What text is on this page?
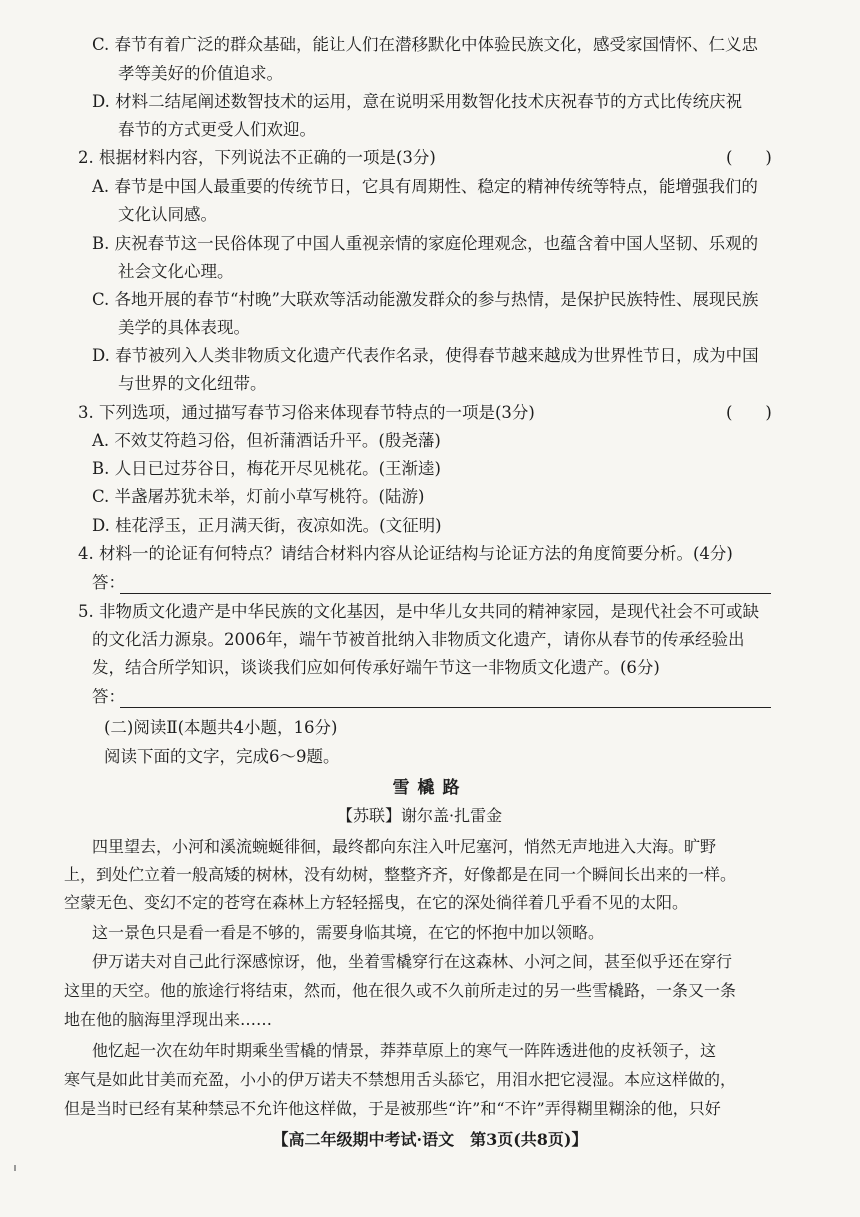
C. 春节有着广泛的群众基础，能让人们在潜移默化中体验民族文化，感受家国情怀、仁义忠
孝等美好的价值追求。
D. 材料二结尾阐述数智技术的运用，意在说明采用数智化技术庆祝春节的方式比传统庆祝
春节的方式更受人们欢迎。
2. 根据材料内容，下列说法不正确的一项是(3分)	(　　)
A. 春节是中国人最重要的传统节日，它具有周期性、稳定的精神传统等特点，能增强我们的
文化认同感。
B. 庆祝春节这一民俗体现了中国人重视亲情的家庭伦理观念，也蕴含着中国人坚韧、乐观的
社会文化心理。
C. 各地开展的春节“村晚”大联欢等活动能激发群众的参与热情，是保护民族特性、展现民族
美学的具体表现。
D. 春节被列入人类非物质文化遗产代表作名录，使得春节越来越成为世界性节日，成为中国
与世界的文化纽带。
3. 下列选项，通过描写春节习俗来体现春节特点的一项是(3分)	(　　)
A. 不效艾符趋习俗，但祈蒲酒话升平。(殷尧藩)
B. 人日已过芬谷日，梅花开尽见桃花。(王渐逵)
C. 半盏屠苏犹未举，灯前小草写桃符。(陆游)
D. 桂花浮玉，正月满天街，夜凉如洗。(文征明)
4. 材料一的论证有何特点？请结合材料内容从论证结构与论证方法的角度简要分析。(4分)
答：
5. 非物质文化遗产是中华民族的文化基因，是中华儿女共同的精神家园，是现代社会不可或缺
的文化活力源泉。2006年，端午节被首批纳入非物质文化遗产，请你从春节的传承经验出
发，结合所学知识，谈谈我们应如何传承好端午节这一非物质文化遗产。(6分)
答：
(二)阅读Ⅱ(本题共4小题，16分)
阅读下面的文字，完成6～9题。
雪橇路
【苏联】谢尔盖·扎雷金
四里望去，小河和溪流蜿蜒徘徊，最终都向东注入叶尼塞河，悄然无声地进入大海。旷野
上，到处伫立着一般高矮的树林，没有幼树，整整齐齐，好像都是在同一个瞬间长出来的一样。
空蒙无色、变幻不定的苍穹在森林上方轻轻摇曳，在它的深处徜徉着几乎看不见的太阳。
这一景色只是看一看是不够的，需要身临其境，在它的怀抱中加以领略。
伊万诺夫对自己此行深感惊讶，他，坐着雪橇穿行在这森林、小河之间，甚至似乎还在穿行
这里的天空。他的旅途行将结束，然而，他在很久或不久前所走过的另一些雪橇路，一条又一条
地在他的脑海里浮现出来……
他忆起一次在幼年时期乘坐雪橇的情景，莽莽草原上的寒气一阵阵透进他的皮袄领子，这
寒气是如此甘美而充盈，小小的伊万诺夫不禁想用舌头舔它，用泪水把它浸湿。本应这样做的，
但是当时已经有某种禁忌不允许他这样做，于是被那些“许”和“不许”弄得糊里糊涂的他，只好
【高二年级期中考试·语文　第3页(共8页)】
